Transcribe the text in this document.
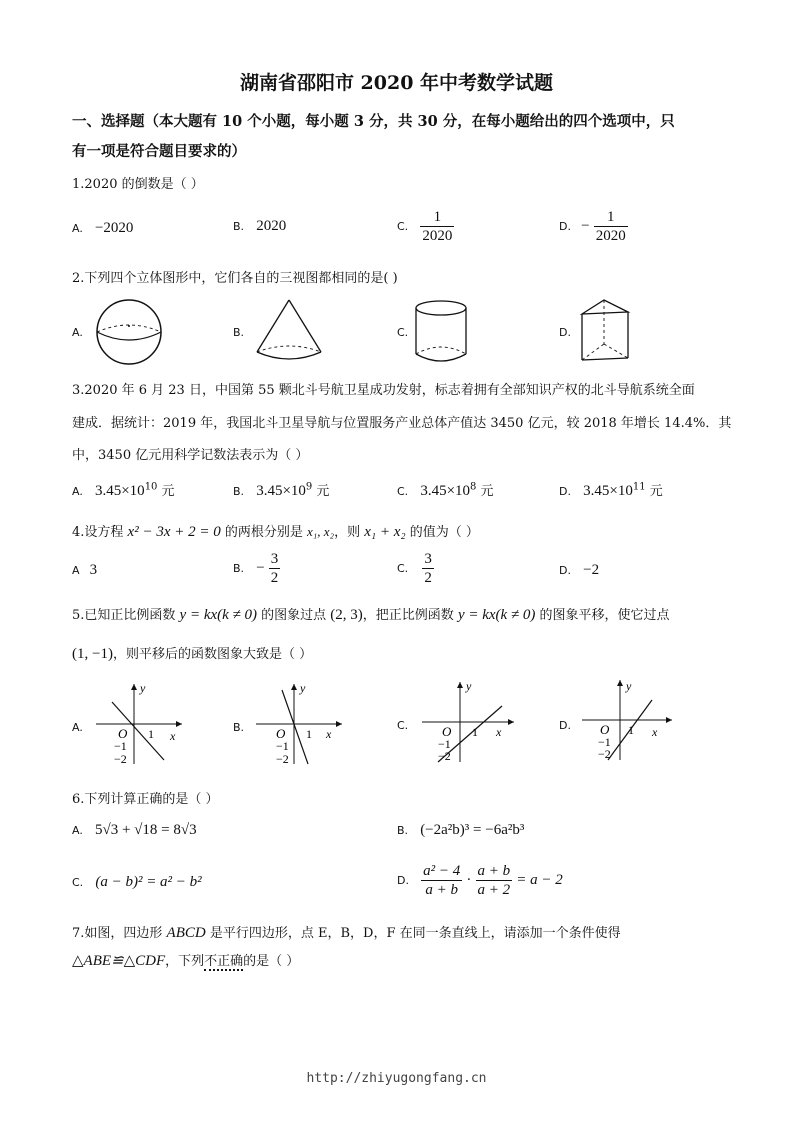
湖南省邵阳市 2020 年中考数学试题
一、选择题（本大题有 10 个小题，每小题 3 分，共 30 分，在每小题给出的四个选项中，只
有一项是符合题目要求的）
1.2020 的倒数是（ ）
A. −2020	B. 2020	C. $\frac{1}{2020}$	D. − $\frac{1}{2020}$
2.下列四个立体图形中，它们各自的三视图都相同的是( )
A.	B.	C.	D.
3.2020 年 6 月 23 日，中国第 55 颗北斗号航卫星成功发射，标志着拥有全部知识产权的北斗导航系统全面
建成．据统计：2019 年，我国北斗卫星导航与位置服务产业总体产值达 3450 亿元，较 2018 年增长 14.4%．其
中，3450 亿元用科学记数法表示为（ ）
A. $3.45\times 10^{10}$ 元	B. $3.45\times 10^9$ 元	C. $3.45\times 10^8$ 元	D. $3.45\times 10^{11}$ 元
4.设方程 x² − 3x + 2 = 0 的两根分别是 x₁, x₂，则 x₁ + x₂ 的值为（ ）
A 3	B. − $\frac{3}{2}$	C. $\frac{3}{2}$	D. −2
5.已知正比例函数 y = kx(k ≠ 0) 的图象过点 (2, 3)，把正比例函数 y = kx(k ≠ 0) 的图象平移，使它过点
(1, −1)，则平移后的函数图象大致是（ ）
A.
y
x
O 1
−1
−2
B.
y
x
O 1
−1
−2
C.
y
x
O 1
−1
−2
D.
y
x
O 1
−1
−2
6.下列计算正确的是（ ）
A. 5√3 + √18 = 8√3	B. (−2a²b)³ = −6a²b³
C. (a − b)² = a² − b²	D. $\frac{\text{a² − 4}}{a + b} \cdot \frac{a + b}{a + 2} = a - 2$
7.如图，四边形 ABCD 是平行四边形，点 E，B，D，F 在同一条直线上，请添加一个条件使得
△ABE≌△CDF，下列不正确的是（ ）
http://zhiyugongfang.cn
